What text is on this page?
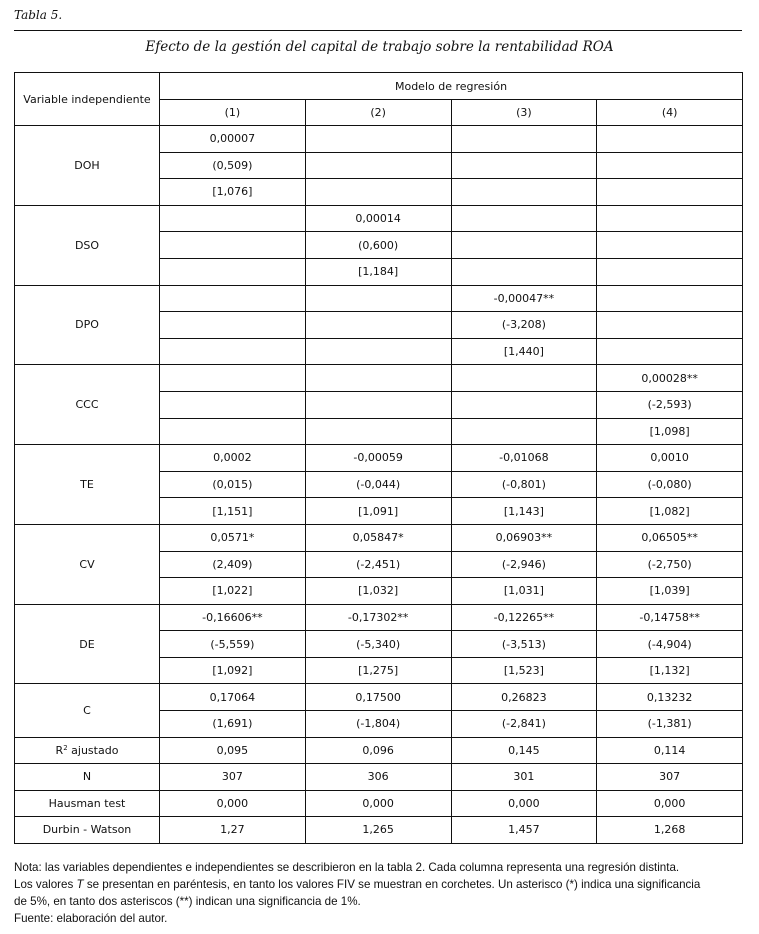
Tabla 5.
Efecto de la gestión del capital de trabajo sobre la rentabilidad ROA
Variable independiente	Modelo de regresión			
	(1)	(2)	(3)	(4)
DOH	0,00007			
	(0,509)			
	[1,076]			
DSO		0,00014		
		(0,600)		
		[1,184]		
DPO			-0,00047**	
			(-3,208)	
			[1,440]	
CCC				0,00028**
				(-2,593)
				[1,098]
TE	0,0002	-0,00059	-0,01068	0,0010
	(0,015)	(-0,044)	(-0,801)	(-0,080)
	[1,151]	[1,091]	[1,143]	[1,082]
CV	0,0571*	0,05847*	0,06903**	0,06505**
	(2,409)	(-2,451)	(-2,946)	(-2,750)
	[1,022]	[1,032]	[1,031]	[1,039]
DE	-0,16606**	-0,17302**	-0,12265**	-0,14758**
	(-5,559)	(-5,340)	(-3,513)	(-4,904)
	[1,092]	[1,275]	[1,523]	[1,132]
C	0,17064	0,17500	0,26823	0,13232
	(1,691)	(-1,804)	(-2,841)	(-1,381)
$R^2$ ajustado	0,095	0,096	0,145	0,114
N	307	306	301	307
Hausman test	0,000	0,000	0,000	0,000
Durbin - Watson	1,27	1,265	1,457	1,268

Nota: las variables dependientes e independientes se describieron en la tabla 2. Cada columna representa una regresión distinta.

Los valores T se presentan en paréntesis, en tanto los valores FIV se muestran en corchetes. Un asterisco (*) indica una significancia

de 5%, en tanto dos asteriscos (**) indican una significancia de 1%.

Fuente: elaboración del autor.
